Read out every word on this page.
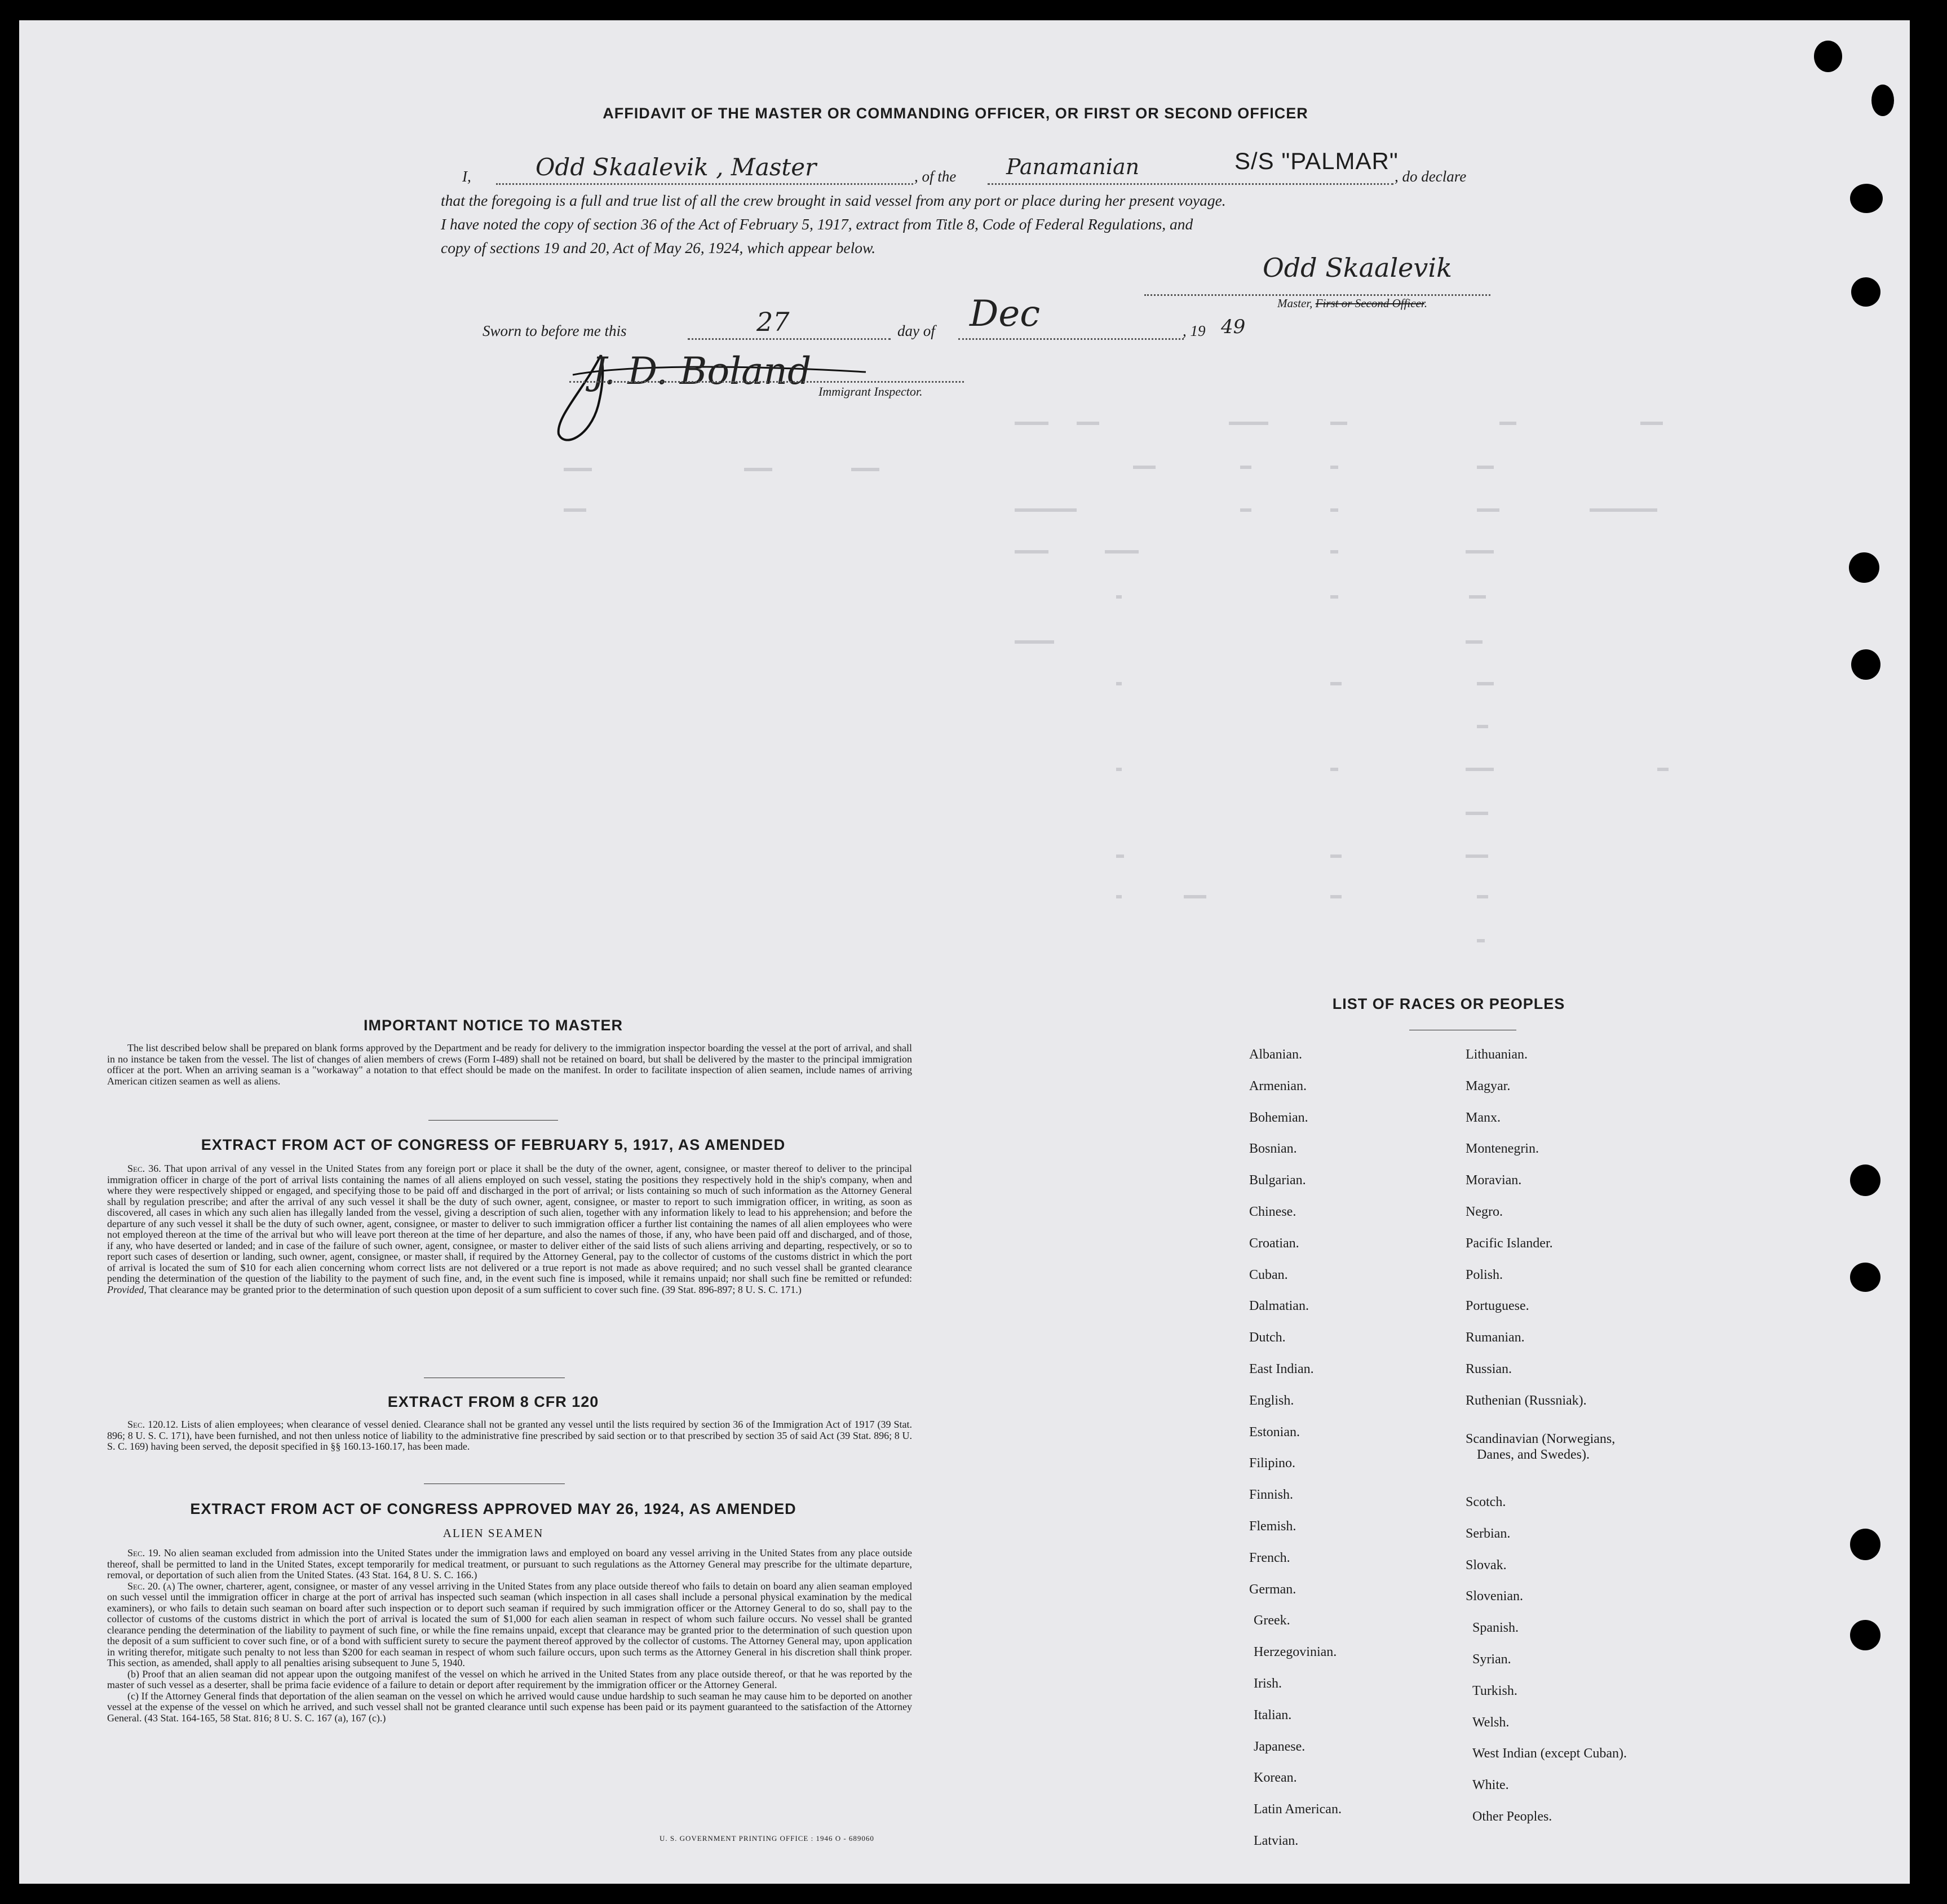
AFFIDAVIT OF THE MASTER OR COMMANDING OFFICER, OR FIRST OR SECOND OFFICER
I,	Odd Skaalevik , Master	, of the Panamanian	S/S "PALMAR"
, do declare
that the foregoing is a full and true list of all the crew brought in said vessel from any port or place during her present voyage.
I have noted the copy of section 36 of the Act of February 5, 1917, extract from Title 8, Code of Federal Regulations, and
copy of sections 19 and 20, Act of May 26, 1924, which appear below.
Odd Skaalevik
Master, First or Second Officer.
Sworn to before me this	27	day of Dec	, 19 49
J. D. Boland Immigrant Inspector.
IMPORTANT NOTICE TO MASTER

The list described below shall be prepared on blank forms approved by the Department and be ready for delivery to the immigration inspector boarding the vessel at the port of arrival, and shall in no instance be taken from the vessel. The list of changes of alien members of crews (Form I-489) shall not be retained on board, but shall be delivered by the master to the principal immigration officer at the port. When an arriving seaman is a "workaway" a notation to that effect should be made on the manifest. In order to facilitate inspection of alien seamen, include names of arriving American citizen seamen as well as aliens.

EXTRACT FROM ACT OF CONGRESS OF FEBRUARY 5, 1917, AS AMENDED

Sec. 36. That upon arrival of any vessel in the United States from any foreign port or place it shall be the duty of the owner, agent, consignee, or master thereof to deliver to the principal immigration officer in charge of the port of arrival lists containing the names of all aliens employed on such vessel, stating the positions they respectively hold in the ship's company, when and where they were respectively shipped or engaged, and specifying those to be paid off and discharged in the port of arrival; or lists containing so much of such information as the Attorney General shall by regulation prescribe; and after the arrival of any such vessel it shall be the duty of such owner, agent, consignee, or master to report to such immigration officer, in writing, as soon as discovered, all cases in which any such alien has illegally landed from the vessel, giving a description of such alien, together with any information likely to lead to his apprehension; and before the departure of any such vessel it shall be the duty of such owner, agent, consignee, or master to deliver to such immigration officer a further list containing the names of all alien employees who were not employed thereon at the time of the arrival but who will leave port thereon at the time of her departure, and also the names of those, if any, who have been paid off and discharged, and of those, if any, who have deserted or landed; and in case of the failure of such owner, agent, consignee, or master to deliver either of the said lists of such aliens arriving and departing, respectively, or so to report such cases of desertion or landing, such owner, agent, consignee, or master shall, if required by the Attorney General, pay to the collector of customs of the customs district in which the port of arrival is located the sum of $10 for each alien concerning whom correct lists are not delivered or a true report is not made as above required; and no such vessel shall be granted clearance pending the determination of the question of the liability to the payment of such fine, and, in the event such fine is imposed, while it remains unpaid; nor shall such fine be remitted or refunded: Provided, That clearance may be granted prior to the determination of such question upon deposit of a sum sufficient to cover such fine. (39 Stat. 896-897; 8 U. S. C. 171.)

EXTRACT FROM 8 CFR 120

Sec. 120.12. Lists of alien employees; when clearance of vessel denied. Clearance shall not be granted any vessel until the lists required by section 36 of the Immigration Act of 1917 (39 Stat. 896; 8 U. S. C. 171), have been furnished, and not then unless notice of liability to the administrative fine prescribed by said section or to that prescribed by section 35 of said Act (39 Stat. 896; 8 U. S. C. 169) having been served, the deposit specified in §§ 160.13-160.17, has been made.

EXTRACT FROM ACT OF CONGRESS APPROVED MAY 26, 1924, AS AMENDED
ALIEN SEAMEN

Sec. 19. No alien seaman excluded from admission into the United States under the immigration laws and employed on board any vessel arriving in the United States from any place outside thereof, shall be permitted to land in the United States, except temporarily for medical treatment, or pursuant to such regulations as the Attorney General may prescribe for the ultimate departure, removal, or deportation of such alien from the United States. (43 Stat. 164, 8 U. S. C. 166.)

Sec. 20. (a) The owner, charterer, agent, consignee, or master of any vessel arriving in the United States from any place outside thereof who fails to detain on board any alien seaman employed on such vessel until the immigration officer in charge at the port of arrival has inspected such seaman (which inspection in all cases shall include a personal physical examination by the medical examiners), or who fails to detain such seaman on board after such inspection or to deport such seaman if required by such immigration officer or the Attorney General to do so, shall pay to the collector of customs of the customs district in which the port of arrival is located the sum of $1,000 for each alien seaman in respect of whom such failure occurs. No vessel shall be granted clearance pending the determination of the liability to payment of such fine, or while the fine remains unpaid, except that clearance may be granted prior to the determination of such question upon the deposit of a sum sufficient to cover such fine, or of a bond with sufficient surety to secure the payment thereof approved by the collector of customs. The Attorney General may, upon application in writing therefor, mitigate such penalty to not less than $200 for each seaman in respect of whom such failure occurs, upon such terms as the Attorney General in his discretion shall think proper. This section, as amended, shall apply to all penalties arising subsequent to June 5, 1940.

(b) Proof that an alien seaman did not appear upon the outgoing manifest of the vessel on which he arrived in the United States from any place outside thereof, or that he was reported by the master of such vessel as a deserter, shall be prima facie evidence of a failure to detain or deport after requirement by the immigration officer or the Attorney General.

(c) If the Attorney General finds that deportation of the alien seaman on the vessel on which he arrived would cause undue hardship to such seaman he may cause him to be deported on another vessel at the expense of the vessel on which he arrived, and such vessel shall not be granted clearance until such expense has been paid or its payment guaranteed to the satisfaction of the Attorney General. (43 Stat. 164-165, 58 Stat. 816; 8 U. S. C. 167 (a), 167 (c).)

U. S. GOVERNMENT PRINTING OFFICE : 1946 O - 689060
LIST OF RACES OR PEOPLES
Albanian.
Armenian.
Bohemian.
Bosnian.
Bulgarian.
Chinese.
Croatian.
Cuban.
Dalmatian.
Dutch.
East Indian.
English.
Estonian.
Filipino.
Finnish.
Flemish.
French.
German.
Greek.
Herzegovinian.
Irish.
Italian.
Japanese.
Korean.
Latin American.
Latvian.
Lithuanian.
Magyar.
Manx.
Montenegrin.
Moravian.
Negro.
Pacific Islander.
Polish.
Portuguese.
Rumanian.
Russian.
Ruthenian (Russniak).
Scandinavian (Norwegians,
Danes, and Swedes).
Scotch.
Serbian.
Slovak.
Slovenian.
Spanish.
Syrian.
Turkish.
Welsh.
West Indian (except Cuban).
White.
Other Peoples.
